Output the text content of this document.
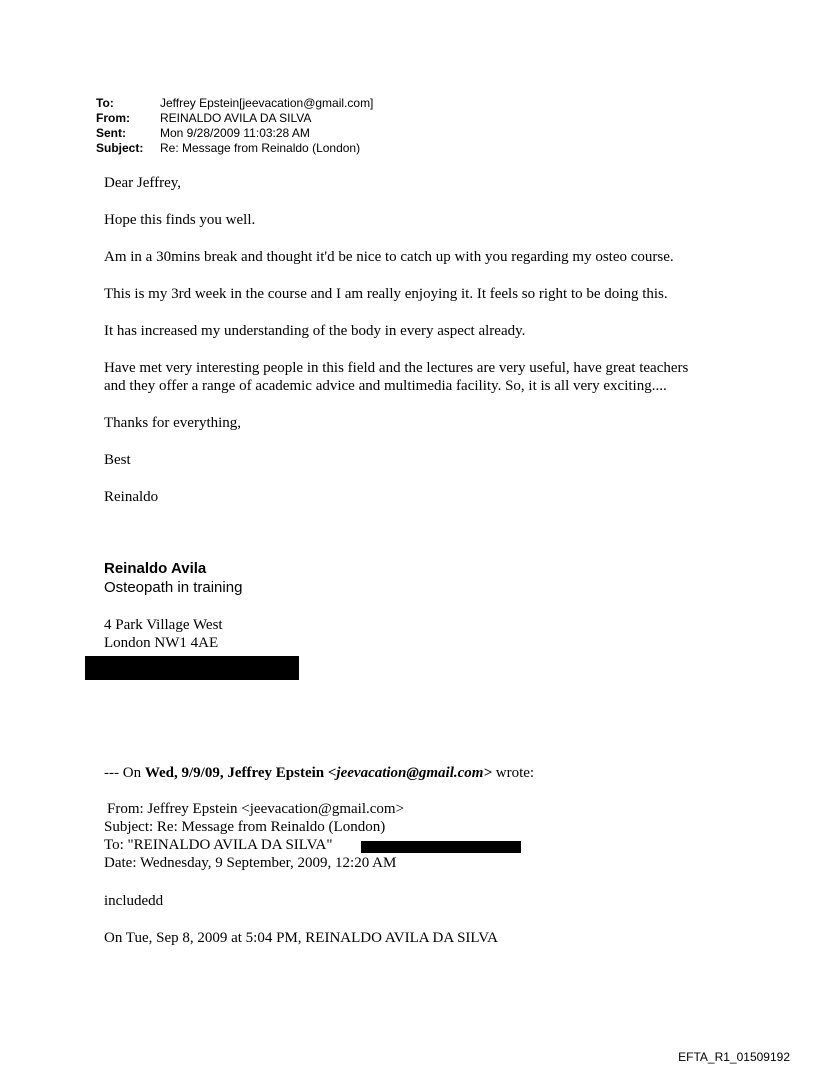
To:	Jeffrey Epstein[jeevacation@gmail.com]
From:	REINALDO AVILA DA SILVA
Sent:	Mon 9/28/2009 11:03:28 AM
Subject:	Re: Message from Reinaldo (London)

Dear Jeffrey,

Hope this finds you well.

Am in a 30mins break and thought it'd be nice to catch up with you regarding my osteo course.

This is my 3rd week in the course and I am really enjoying it. It feels so right to be doing this.

It has increased my understanding of the body in every aspect already.

Have met very interesting people in this field and the lectures are very useful, have great teachers

and they offer a range of academic advice and multimedia facility. So, it is all very exciting....

Thanks for everything,

Best

Reinaldo

Reinaldo Avila
Osteopath in training

4 Park Village West

London NW1 4AE

--- On Wed, 9/9/09, Jeffrey Epstein <jeevacation@gmail.com> wrote:

From: Jeffrey Epstein <jeevacation@gmail.com>

Subject: Re: Message from Reinaldo (London)

To: "REINALDO AVILA DA SILVA"

Date: Wednesday, 9 September, 2009, 12:20 AM

includedd

On Tue, Sep 8, 2009 at 5:04 PM, REINALDO AVILA DA SILVA

EFTA_R1_01509192
